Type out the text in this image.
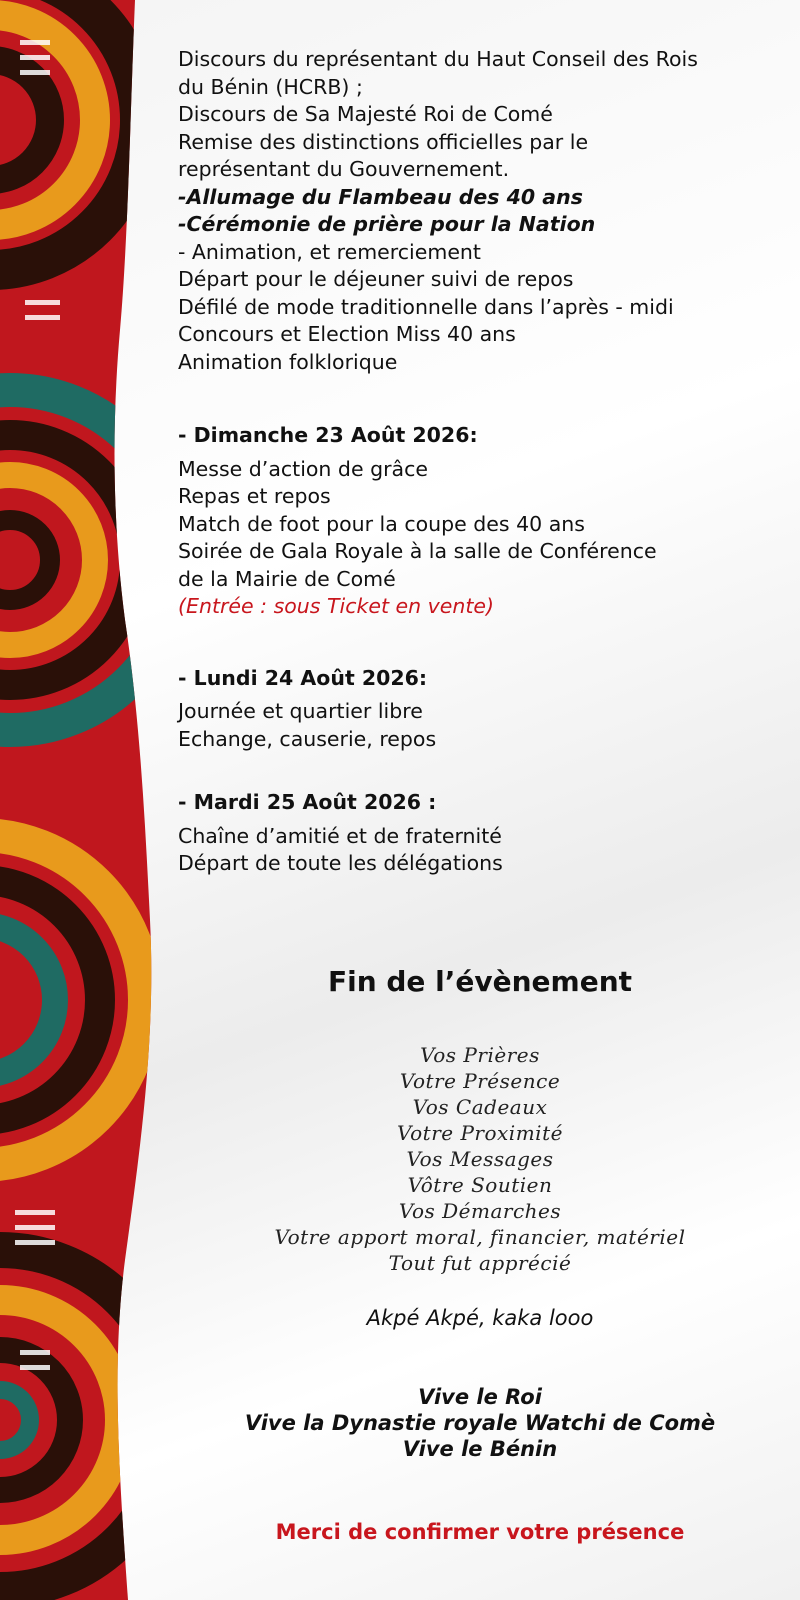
Discours du représentant du Haut Conseil des Rois
du Bénin (HCRB) ;
Discours de Sa Majesté Roi de Comé
Remise des distinctions officielles par le
représentant du Gouvernement.
-Allumage du Flambeau des 40 ans
-Cérémonie de prière pour la Nation
- Animation, et remerciement
Départ pour le déjeuner suivi de repos
Défilé de mode traditionnelle dans l’après - midi
Concours et Election Miss 40 ans
Animation folklorique
- Dimanche 23 Août 2026:
Messe d’action de grâce
Repas et repos
Match de foot pour la coupe des 40 ans
Soirée de Gala Royale à la salle de Conférence
de la Mairie de Comé
(Entrée : sous Ticket en vente)
- Lundi 24 Août 2026:
Journée et quartier libre
Echange, causerie, repos
- Mardi 25 Août 2026 :
Chaîne d’amitié et de fraternité
Départ de toute les délégations
Fin de l’évènement
Vos Prières
Votre Présence
Vos Cadeaux
Votre Proximité
Vos Messages
Vôtre Soutien
Vos Démarches
Votre apport moral, financier, matériel
Tout fut apprécié
Akpé Akpé, kaka looo
Vive le Roi
Vive la Dynastie royale Watchi de Comè
Vive le Bénin
Merci de confirmer votre présence
